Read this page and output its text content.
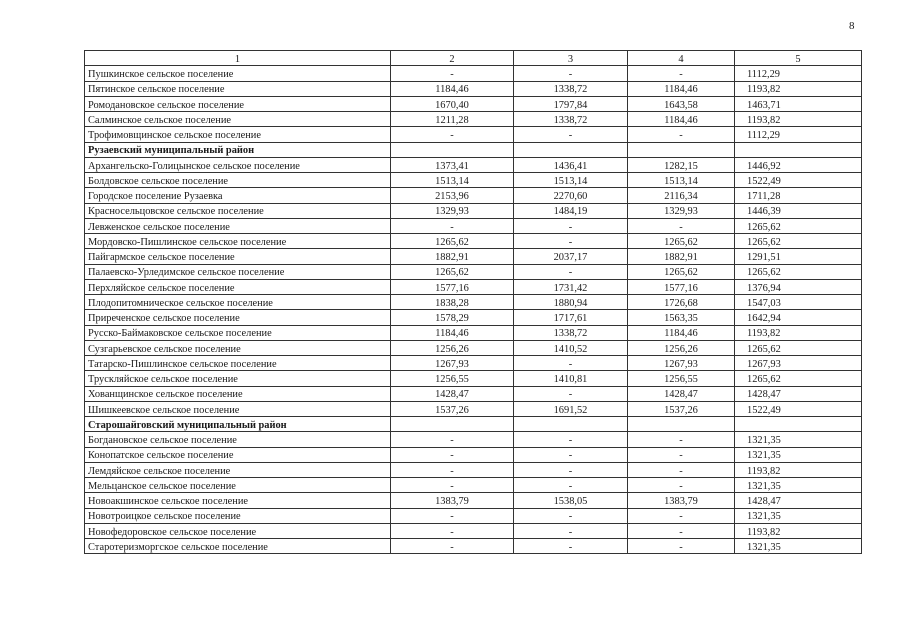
8
1	2	3	4	5
Пушкинское сельское поселение	-	-	-	1112,29
Пятинское сельское поселение	1184,46	1338,72	1184,46	1193,82
Ромодановское сельское поселение	1670,40	1797,84	1643,58	1463,71
Салминское сельское поселение	1211,28	1338,72	1184,46	1193,82
Трофимовщинское сельское поселение	-	-	-	1112,29
Рузаевский муниципальный район				
Архангельско-Голицынское сельское поселение	1373,41	1436,41	1282,15	1446,92
Болдовское сельское поселение	1513,14	1513,14	1513,14	1522,49
Городское поселение Рузаевка	2153,96	2270,60	2116,34	1711,28
Красносельцовское сельское поселение	1329,93	1484,19	1329,93	1446,39
Левженское сельское поселение	-	-	-	1265,62
Мордовско-Пишлинское сельское поселение	1265,62	-	1265,62	1265,62
Пайгармское сельское поселение	1882,91	2037,17	1882,91	1291,51
Палаевско-Урледимское сельское поселение	1265,62	-	1265,62	1265,62
Перхляйское сельское поселение	1577,16	1731,42	1577,16	1376,94
Плодопитомническое сельское поселение	1838,28	1880,94	1726,68	1547,03
Приреченское сельское поселение	1578,29	1717,61	1563,35	1642,94
Русско-Баймаковское сельское поселение	1184,46	1338,72	1184,46	1193,82
Сузгарьевское сельское поселение	1256,26	1410,52	1256,26	1265,62
Татарско-Пишлинское сельское поселение	1267,93	-	1267,93	1267,93
Трускляйское сельское поселение	1256,55	1410,81	1256,55	1265,62
Хованщинское сельское поселение	1428,47	-	1428,47	1428,47
Шишкеевское сельское поселение	1537,26	1691,52	1537,26	1522,49
Старошайговский муниципальный район				
Богдановское сельское поселение	-	-	-	1321,35
Конопатское сельское поселение	-	-	-	1321,35
Лемдяйское сельское поселение	-	-	-	1193,82
Мельцанское сельское поселение	-	-	-	1321,35
Новоакшинское сельское поселение	1383,79	1538,05	1383,79	1428,47
Новотроицкое сельское поселение	-	-	-	1321,35
Новофедоровское сельское поселение	-	-	-	1193,82
Старотеризморгское сельское поселение	-	-	-	1321,35
